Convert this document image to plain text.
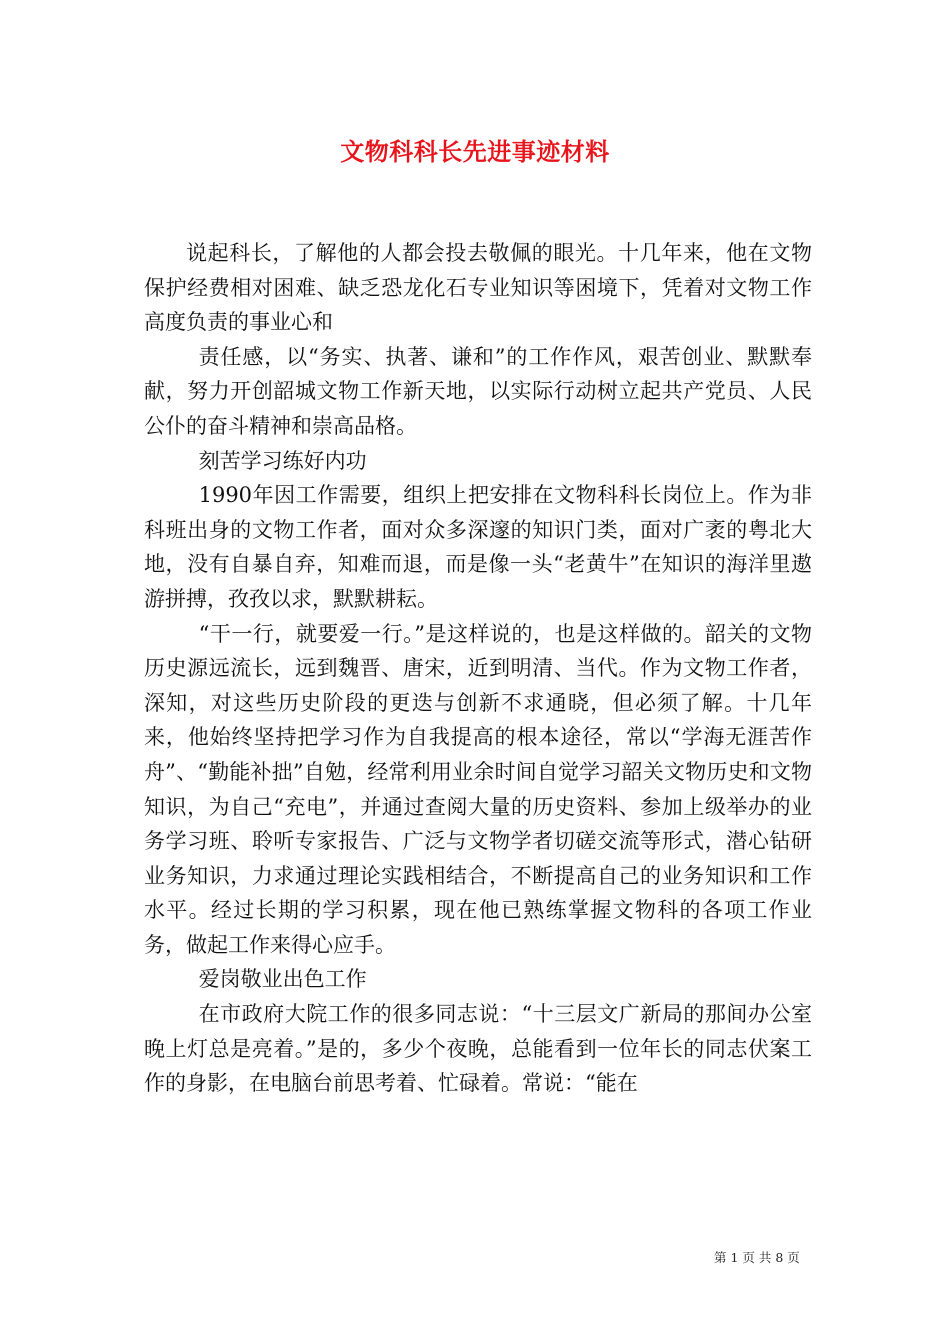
文物科科长先进事迹材料

说起科长，了解他的人都会投去敬佩的眼光。十几年来，他在文物保护经费相对困难、缺乏恐龙化石专业知识等困境下，凭着对文物工作高度负责的事业心和

责任感，以“务实、执著、谦和”的工作作风，艰苦创业、默默奉献，努力开创韶城文物工作新天地，以实际行动树立起共产党员、人民公仆的奋斗精神和崇高品格。

刻苦学习练好内功

1990年因工作需要，组织上把安排在文物科科长岗位上。作为非科班出身的文物工作者，面对众多深邃的知识门类，面对广袤的粤北大地，没有自暴自弃，知难而退，而是像一头“老黄牛”在知识的海洋里遨游拼搏，孜孜以求，默默耕耘。

“干一行，就要爱一行。”是这样说的，也是这样做的。韶关的文物历史源远流长，远到魏晋、唐宋，近到明清、当代。作为文物工作者，深知，对这些历史阶段的更迭与创新不求通晓，但必须了解。十几年来，他始终坚持把学习作为自我提高的根本途径，常以“学海无涯苦作舟”、“勤能补拙”自勉，经常利用业余时间自觉学习韶关文物历史和文物知识，为自己“充电”，并通过查阅大量的历史资料、参加上级举办的业务学习班、聆听专家报告、广泛与文物学者切磋交流等形式，潜心钻研业务知识，力求通过理论实践相结合，不断提高自己的业务知识和工作水平。经过长期的学习积累，现在他已熟练掌握文物科的各项工作业务，做起工作来得心应手。

爱岗敬业出色工作

在市政府大院工作的很多同志说：“十三层文广新局的那间办公室晚上灯总是亮着。”是的，多少个夜晚，总能看到一位年长的同志伏案工作的身影，在电脑台前思考着、忙碌着。常说：“能在

第 1 页 共 8 页
